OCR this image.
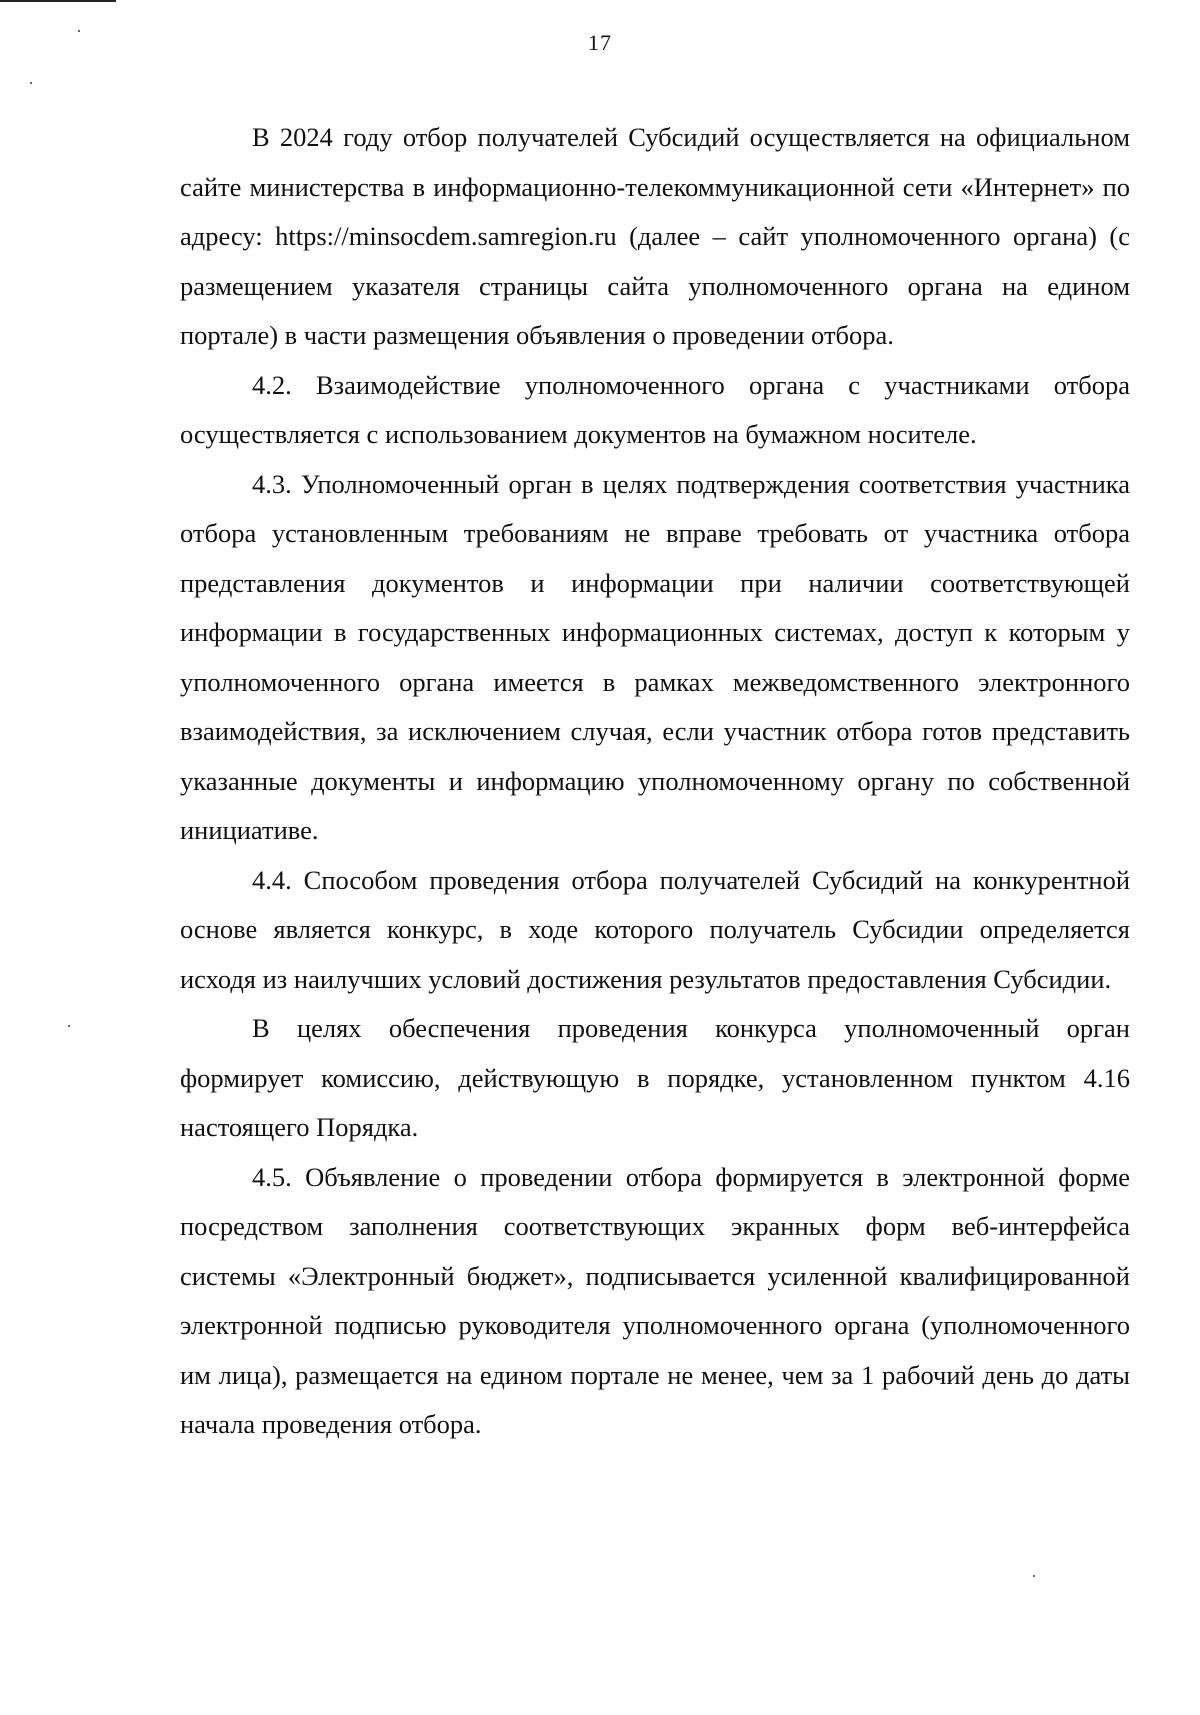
17

В 2024 году отбор получателей Субсидий осуществляется на официальном сайте министерства в информационно-телекоммуникационной сети «Интернет» по адресу: https://minsocdem.samregion.ru (далее – сайт уполномоченного органа) (с размещением указателя страницы сайта уполномоченного органа на едином портале) в части размещения объявления о проведении отбора.

4.2. Взаимодействие уполномоченного органа с участниками отбора осуществляется с использованием документов на бумажном носителе.

4.3. Уполномоченный орган в целях подтверждения соответствия участника отбора установленным требованиям не вправе требовать от участника отбора представления документов и информации при наличии соответствующей информации в государственных информационных системах, доступ к которым у уполномоченного органа имеется в рамках межведомственного электронного взаимодействия, за исключением случая, если участник отбора готов представить указанные документы и информацию уполномоченному органу по собственной инициативе.

4.4. Способом проведения отбора получателей Субсидий на конкурентной основе является конкурс, в ходе которого получатель Субсидии определяется исходя из наилучших условий достижения результатов предоставления Субсидии.

В целях обеспечения проведения конкурса уполномоченный орган формирует комиссию, действующую в порядке, установленном пунктом 4.16 настоящего Порядка.

4.5. Объявление о проведении отбора формируется в электронной форме посредством заполнения соответствующих экранных форм веб-интерфейса системы «Электронный бюджет», подписывается усиленной квалифицированной электронной подписью руководителя уполномоченного органа (уполномоченного им лица), размещается на едином портале не менее, чем за 1 рабочий день до даты начала проведения отбора.
